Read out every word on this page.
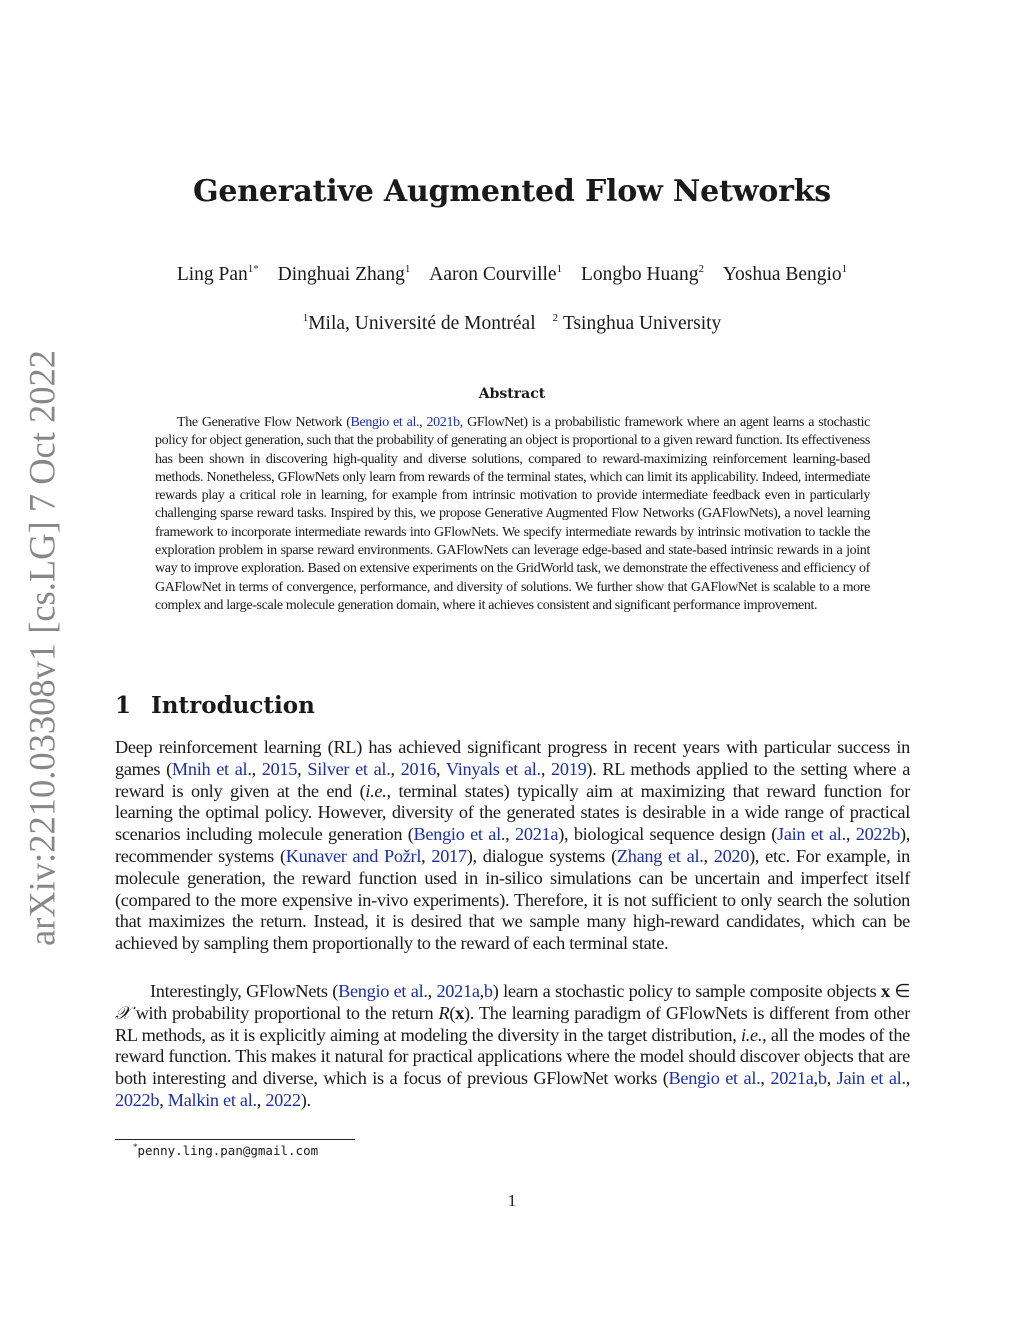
arXiv:2210.03308v1 [cs.LG] 7 Oct 2022
Generative Augmented Flow Networks
Ling Pan$^{1*}$ Dinghuai Zhang$^1$ Aaron Courville$^1$ Longbo Huang$^2$ Yoshua Bengio$^1$
$^1$Mila, Université de Montréal $^2$ Tsinghua University
Abstract

The Generative Flow Network (Bengio et al., 2021b, GFlowNet) is a probabilistic framework where an agent learns a stochastic policy for object generation, such that the probability of generating an object is proportional to a given reward function. Its effectiveness has been shown in discovering high-quality and diverse solutions, compared to reward-maximizing reinforcement learning-based methods. Nonetheless, GFlowNets only learn from rewards of the terminal states, which can limit its applicability. Indeed, intermediate rewards play a critical role in learning, for example from intrinsic motivation to provide intermediate feedback even in particularly challenging sparse reward tasks. Inspired by this, we propose Generative Augmented Flow Networks (GAFlowNets), a novel learning framework to incorporate intermediate rewards into GFlowNets. We specify intermediate rewards by intrinsic motivation to tackle the exploration problem in sparse reward environments. GAFlowNets can leverage edge-based and state-based intrinsic rewards in a joint way to improve exploration. Based on extensive experiments on the GridWorld task, we demonstrate the effectiveness and efficiency of GAFlowNet in terms of convergence, performance, and diversity of solutions. We further show that GAFlowNet is scalable to a more complex and large-scale molecule generation domain, where it achieves consistent and significant performance improvement.

1 Introduction

Deep reinforcement learning (RL) has achieved significant progress in recent years with particular success in games (Mnih et al., 2015, Silver et al., 2016, Vinyals et al., 2019). RL methods applied to the setting where a reward is only given at the end (i.e., terminal states) typically aim at maximizing that reward function for learning the optimal policy. However, diversity of the generated states is desirable in a wide range of practical scenarios including molecule generation (Bengio et al., 2021a), biological sequence design (Jain et al., 2022b), recommender systems (Kunaver and Požrl, 2017), dialogue systems (Zhang et al., 2020), etc. For example, in molecule generation, the reward function used in in-silico simulations can be uncertain and imperfect itself (compared to the more expensive in-vivo experiments). Therefore, it is not sufficient to only search the solution that maximizes the return. Instead, it is desired that we sample many high-reward candidates, which can be achieved by sampling them proportionally to the reward of each terminal state.

Interestingly, GFlowNets (Bengio et al., 2021a,b) learn a stochastic policy to sample composite objects x ∈ 𝒳 with probability proportional to the return R(x). The learning paradigm of GFlowNets is different from other RL methods, as it is explicitly aiming at modeling the diversity in the target distribution, i.e., all the modes of the reward function. This makes it natural for practical applications where the model should discover objects that are both interesting and diverse, which is a focus of previous GFlowNet works (Bengio et al., 2021a,b, Jain et al., 2022b, Malkin et al., 2022).

*penny.ling.pan@gmail.com

1
